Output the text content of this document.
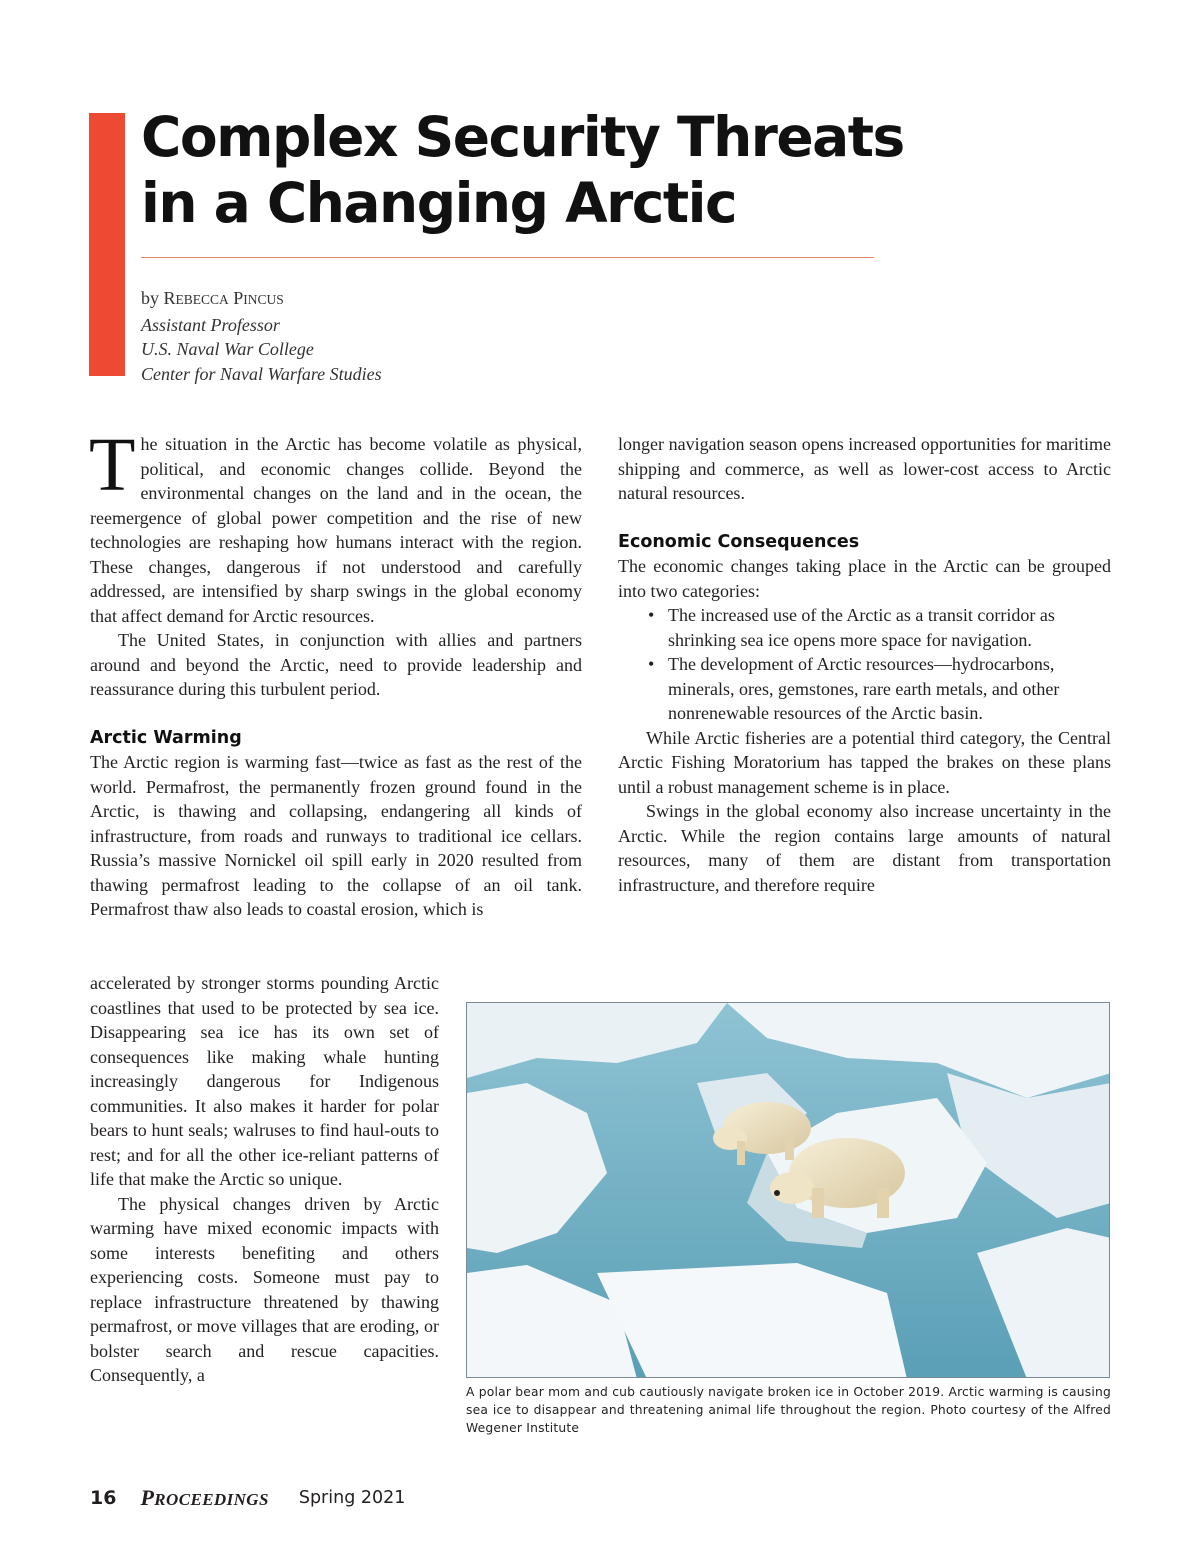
Complex Security Threats
in a Changing Arctic
by REBECCA PINCUS
Assistant Professor
U.S. Naval War College
Center for Naval Warfare Studies

The situation in the Arctic has become volatile as physical, political, and economic changes collide. Beyond the environmental changes on the land and in the ocean, the reemergence of global power competition and the rise of new technologies are reshaping how humans interact with the region. These changes, dangerous if not understood and carefully addressed, are intensified by sharp swings in the global economy that affect demand for Arctic resources.

The United States, in conjunction with allies and partners around and beyond the Arctic, need to provide leadership and reassurance during this turbulent period.

Arctic Warming

The Arctic region is warming fast—twice as fast as the rest of the world. Permafrost, the permanently frozen ground found in the Arctic, is thawing and collapsing, endangering all kinds of infrastructure, from roads and runways to traditional ice cellars. Russia’s massive Nornickel oil spill early in 2020 resulted from thawing permafrost leading to the collapse of an oil tank. Permafrost thaw also leads to coastal erosion, which is

accelerated by stronger storms pounding Arctic coastlines that used to be protected by sea ice. Disappearing sea ice has its own set of consequences like making whale hunting increasingly dangerous for Indigenous communities. It also makes it harder for polar bears to hunt seals; walruses to find haul-outs to rest; and for all the other ice-reliant patterns of life that make the Arctic so unique.

The physical changes driven by Arctic warming have mixed economic impacts with some interests benefiting and others experiencing costs. Someone must pay to replace infrastructure threatened by thawing permafrost, or move villages that are eroding, or bolster search and rescue capacities. Consequently, a

longer navigation season opens increased opportunities for maritime shipping and commerce, as well as lower-cost access to Arctic natural resources.

Economic Consequences

The economic changes taking place in the Arctic can be grouped into two categories:

• The increased use of the Arctic as a transit corridor as shrinking sea ice opens more space for navigation.
• The development of Arctic resources—hydrocarbons, minerals, ores, gemstones, rare earth metals, and other nonrenewable resources of the Arctic basin.

While Arctic fisheries are a potential third category, the Central Arctic Fishing Moratorium has tapped the brakes on these plans until a robust management scheme is in place.

Swings in the global economy also increase uncertainty in the Arctic. While the region contains large amounts of natural resources, many of them are distant from transportation infrastructure, and therefore require

A polar bear mom and cub cautiously navigate broken ice in October 2019. Arctic warming is causing sea ice to disappear and threatening animal life throughout the region. Photo courtesy of the Alfred Wegener Institute

16 PROCEEDINGS Spring 2021
